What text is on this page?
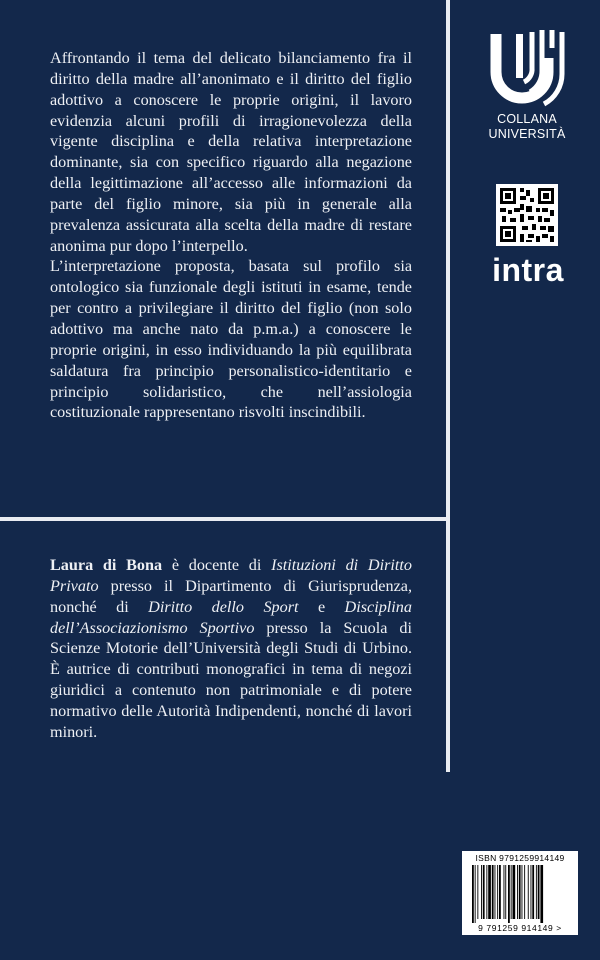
Affrontando il tema del delicato bilanciamento fra il diritto della madre all’anonimato e il diritto del figlio adottivo a conoscere le proprie origini, il lavoro evidenzia alcuni profili di irragionevolezza della vigente disciplina e della relativa interpretazione dominante, sia con specifico riguardo alla negazione della legittimazione all’accesso alle informazioni da parte del figlio minore, sia più in generale alla prevalenza assicurata alla scelta della madre di restare anonima pur dopo l’interpello.

L’interpretazione proposta, basata sul profilo sia ontologico sia funzionale degli istituti in esame, tende per contro a privilegiare il diritto del figlio (non solo adottivo ma anche nato da p.m.a.) a conoscere le proprie origini, in esso individuando la più equilibrata saldatura fra principio personalistico-identitario e principio solidaristico, che nell’assiologia costituzionale rappresentano risvolti inscindibili.

Laura di Bona è docente di Istituzioni di Diritto Privato presso il Dipartimento di Giurisprudenza, nonché di Diritto dello Sport e Disciplina dell’Associazionismo Sportivo presso la Scuola di Scienze Motorie dell’Università degli Studi di Urbino. È autrice di contributi monografici in tema di negozi giuridici a contenuto non patrimoniale e di potere normativo delle Autorità Indipendenti, nonché di lavori minori.
COLLANA
UNIVERSITÀ
intra
ISBN 9791259914149
9 791259 914149 >
